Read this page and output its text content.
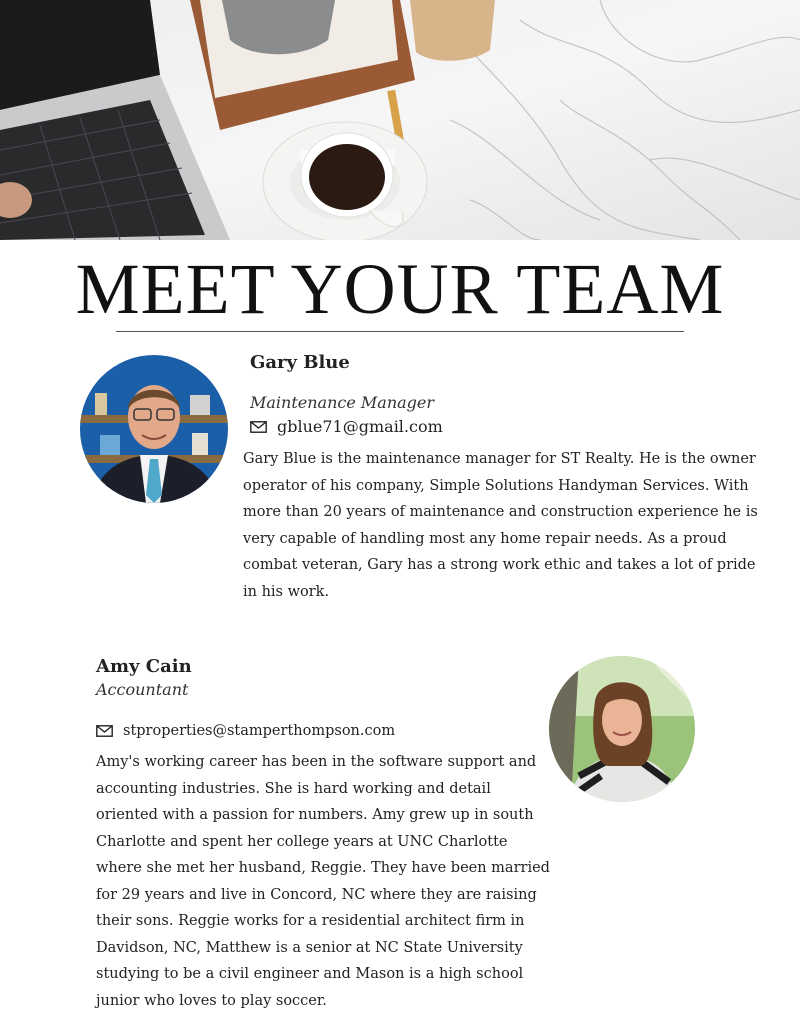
MEET YOUR TEAM
Gary Blue
Maintenance Manager
gblue71@gmail.com

Gary Blue is the maintenance manager for ST Realty. He is the owner operator of his company, Simple Solutions Handyman Services. With more than 20 years of maintenance and construction experience he is very capable of handling most any home repair needs. As a proud combat veteran, Gary has a strong work ethic and takes a lot of pride in his work.

Amy Cain
Accountant
stproperties@stamperthompson.com

Amy's working career has been in the software support and accounting industries. She is hard working and detail oriented with a passion for numbers. Amy grew up in south Charlotte and spent her college years at UNC Charlotte where she met her husband, Reggie. They have been married for 29 years and live in Concord, NC where they are raising their sons. Reggie works for a residential architect firm in Davidson, NC, Matthew is a senior at NC State University studying to be a civil engineer and Mason is a high school junior who loves to play soccer.
